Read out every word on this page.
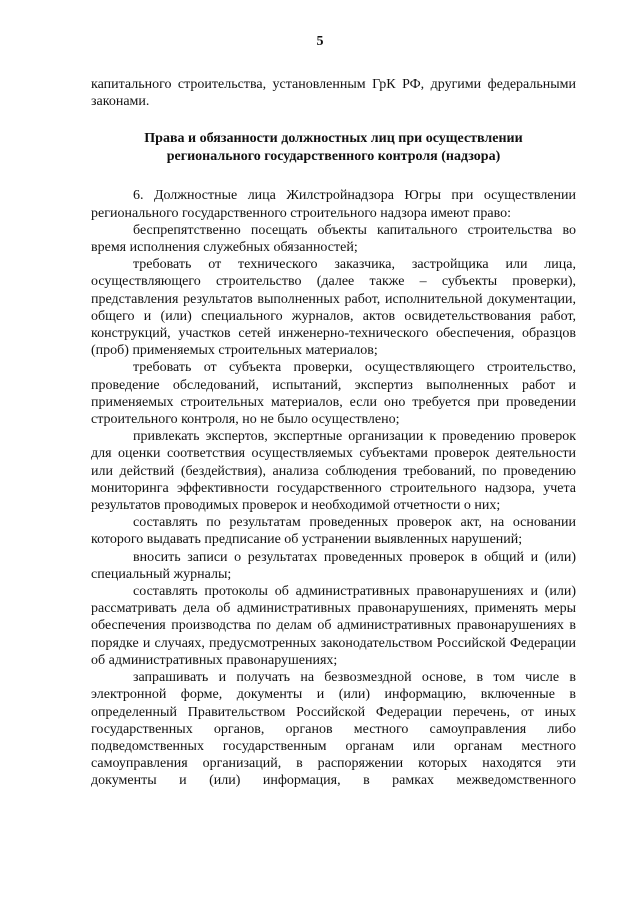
5

капитального строительства, установленным ГрК РФ, другими федеральными законами.

Права и обязанности должностных лиц при осуществлении
регионального государственного контроля (надзора)

6. Должностные лица Жилстройнадзора Югры при осуществлении регионального государственного строительного надзора имеют право:

беспрепятственно посещать объекты капитального строительства во время исполнения служебных обязанностей;

требовать от технического заказчика, застройщика или лица, осуществляющего строительство (далее также – субъекты проверки), представления результатов выполненных работ, исполнительной документации, общего и (или) специального журналов, актов освидетельствования работ, конструкций, участков сетей инженерно-технического обеспечения, образцов (проб) применяемых строительных материалов;

требовать от субъекта проверки, осуществляющего строительство, проведение обследований, испытаний, экспертиз выполненных работ и применяемых строительных материалов, если оно требуется при проведении строительного контроля, но не было осуществлено;

привлекать экспертов, экспертные организации к проведению проверок для оценки соответствия осуществляемых субъектами проверок деятельности или действий (бездействия), анализа соблюдения требований, по проведению мониторинга эффективности государственного строительного надзора, учета результатов проводимых проверок и необходимой отчетности о них;

составлять по результатам проведенных проверок акт, на основании которого выдавать предписание об устранении выявленных нарушений;

вносить записи о результатах проведенных проверок в общий и (или) специальный журналы;

составлять протоколы об административных правонарушениях и (или) рассматривать дела об административных правонарушениях, применять меры обеспечения производства по делам об административных правонарушениях в порядке и случаях, предусмотренных законодательством Российской Федерации об административных правонарушениях;

запрашивать и получать на безвозмездной основе, в том числе в электронной форме, документы и (или) информацию, включенные в определенный Правительством Российской Федерации перечень, от иных государственных органов, органов местного самоуправления либо подведомственных государственным органам или органам местного самоуправления организаций, в распоряжении которых находятся эти документы и (или) информация, в рамках межведомственного
